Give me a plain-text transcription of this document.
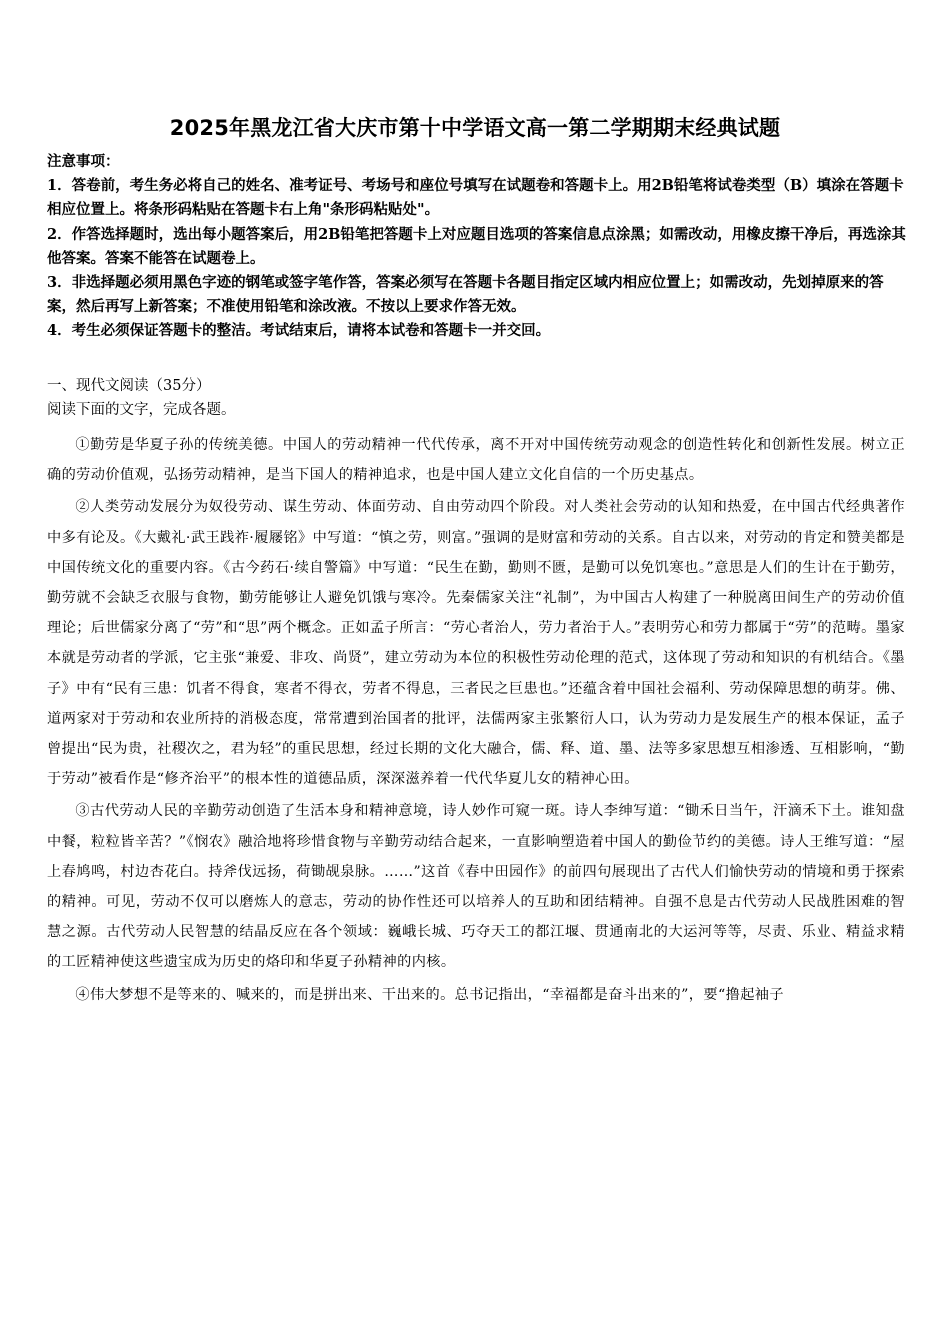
2025年黑龙江省大庆市第十中学语文高一第二学期期末经典试题

注意事项：

1．答卷前，考生务必将自己的姓名、准考证号、考场号和座位号填写在试题卷和答题卡上。用2B铅笔将试卷类型（B）填涂在答题卡相应位置上。将条形码粘贴在答题卡右上角"条形码粘贴处"。

2．作答选择题时，选出每小题答案后，用2B铅笔把答题卡上对应题目选项的答案信息点涂黑；如需改动，用橡皮擦干净后，再选涂其他答案。答案不能答在试题卷上。

3．非选择题必须用黑色字迹的钢笔或签字笔作答，答案必须写在答题卡各题目指定区域内相应位置上；如需改动，先划掉原来的答案，然后再写上新答案；不准使用铅笔和涂改液。不按以上要求作答无效。

4．考生必须保证答题卡的整洁。考试结束后，请将本试卷和答题卡一并交回。

一、现代文阅读（35分）
阅读下面的文字，完成各题。

①勤劳是华夏子孙的传统美德。中国人的劳动精神一代代传承，离不开对中国传统劳动观念的创造性转化和创新性发展。树立正确的劳动价值观，弘扬劳动精神，是当下国人的精神追求，也是中国人建立文化自信的一个历史基点。

②人类劳动发展分为奴役劳动、谋生劳动、体面劳动、自由劳动四个阶段。对人类社会劳动的认知和热爱，在中国古代经典著作中多有论及。《大戴礼·武王践祚·履屦铭》中写道：“慎之劳，则富。”强调的是财富和劳动的关系。自古以来，对劳动的肯定和赞美都是中国传统文化的重要内容。《古今药石·续自警篇》中写道：“民生在勤，勤则不匮，是勤可以免饥寒也。”意思是人们的生计在于勤劳，勤劳就不会缺乏衣服与食物，勤劳能够让人避免饥饿与寒冷。先秦儒家关注“礼制”，为中国古人构建了一种脱离田间生产的劳动价值理论；后世儒家分离了“劳”和“思”两个概念。正如孟子所言：“劳心者治人，劳力者治于人。”表明劳心和劳力都属于“劳”的范畴。墨家本就是劳动者的学派，它主张“兼爱、非攻、尚贤”，建立劳动为本位的积极性劳动伦理的范式，这体现了劳动和知识的有机结合。《墨子》中有“民有三患：饥者不得食，寒者不得衣，劳者不得息，三者民之巨患也。”还蕴含着中国社会福利、劳动保障思想的萌芽。佛、道两家对于劳动和农业所持的消极态度，常常遭到治国者的批评，法儒两家主张繁衍人口，认为劳动力是发展生产的根本保证，孟子曾提出“民为贵，社稷次之，君为轻”的重民思想，经过长期的文化大融合，儒、释、道、墨、法等多家思想互相渗透、互相影响，“勤于劳动”被看作是“修齐治平”的根本性的道德品质，深深滋养着一代代华夏儿女的精神心田。

③古代劳动人民的辛勤劳动创造了生活本身和精神意境，诗人妙作可窥一斑。诗人李绅写道：“锄禾日当午，汗滴禾下土。谁知盘中餐，粒粒皆辛苦？”《悯农》融洽地将珍惜食物与辛勤劳动结合起来，一直影响塑造着中国人的勤俭节约的美德。诗人王维写道：“屋上春鸠鸣，村边杏花白。持斧伐远扬，荷锄觇泉脉。……”这首《春中田园作》的前四句展现出了古代人们愉快劳动的情境和勇于探索的精神。可见，劳动不仅可以磨炼人的意志，劳动的协作性还可以培养人的互助和团结精神。自强不息是古代劳动人民战胜困难的智慧之源。古代劳动人民智慧的结晶反应在各个领域：巍峨长城、巧夺天工的都江堰、贯通南北的大运河等等，尽责、乐业、精益求精的工匠精神使这些遗宝成为历史的烙印和华夏子孙精神的内核。

④伟大梦想不是等来的、喊来的，而是拼出来、干出来的。总书记指出，“幸福都是奋斗出来的”，要“撸起袖子
